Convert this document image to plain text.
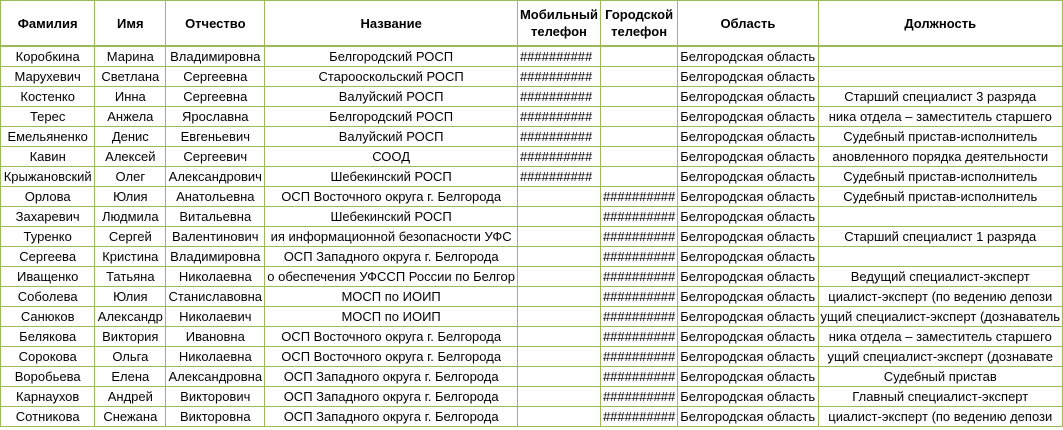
Фамилия	Имя	Отчество	Название	Мобильный телефон	Городской телефон	Область	Должность
Коробкина	Марина	Владимировна	Белгородский РОСП	##########		Белгородская область	
Марухевич	Светлана	Сергеевна	Старооскольский РОСП	##########		Белгородская область	
Костенко	Инна	Сергеевна	Валуйский РОСП	##########		Белгородская область	Старший специалист 3 разряда
Терес	Анжела	Ярославна	Белгородский РОСП	##########		Белгородская область	ника отдела – заместитель старшего
Емельяненко	Денис	Евгеньевич	Валуйский РОСП	##########		Белгородская область	Судебный пристав-исполнитель
Кавин	Алексей	Сергеевич	СООД	##########		Белгородская область	ановленного порядка деятельности
Крыжановский	Олег	Александрович	Шебекинский РОСП	##########		Белгородская область	Судебный пристав-исполнитель
Орлова	Юлия	Анатольевна	ОСП Восточного округа г. Белгорода		##########	Белгородская область	Судебный пристав-исполнитель
Захаревич	Людмила	Витальевна	Шебекинский РОСП		##########	Белгородская область	
Туренко	Сергей	Валентинович	ия информационной безопасности УФС		##########	Белгородская область	Старший специалист 1 разряда
Сергеева	Кристина	Владимировна	ОСП Западного округа г. Белгорода		##########	Белгородская область	
Иващенко	Татьяна	Николаевна	о обеспечения УФССП России по Белгор		##########	Белгородская область	Ведущий специалист-эксперт
Соболева	Юлия	Станиславовна	МОСП по ИОИП		##########	Белгородская область	циалист-эксперт (по ведению депози
Санюков	Александр	Николаевич	МОСП по ИОИП		##########	Белгородская область	ущий специалист-эксперт (дознаватель
Белякова	Виктория	Ивановна	ОСП Восточного округа г. Белгорода		##########	Белгородская область	ника отдела – заместитель старшего
Сорокова	Ольга	Николаевна	ОСП Восточного округа г. Белгорода		##########	Белгородская область	ущий специалист-эксперт (дознавате
Воробьева	Елена	Александровна	ОСП Западного округа г. Белгорода		##########	Белгородская область	Судебный пристав
Карнаухов	Андрей	Викторович	ОСП Западного округа г. Белгорода		##########	Белгородская область	Главный специалист-эксперт
Сотникова	Снежана	Викторовна	ОСП Западного округа г. Белгорода		##########	Белгородская область	циалист-эксперт (по ведению депози
